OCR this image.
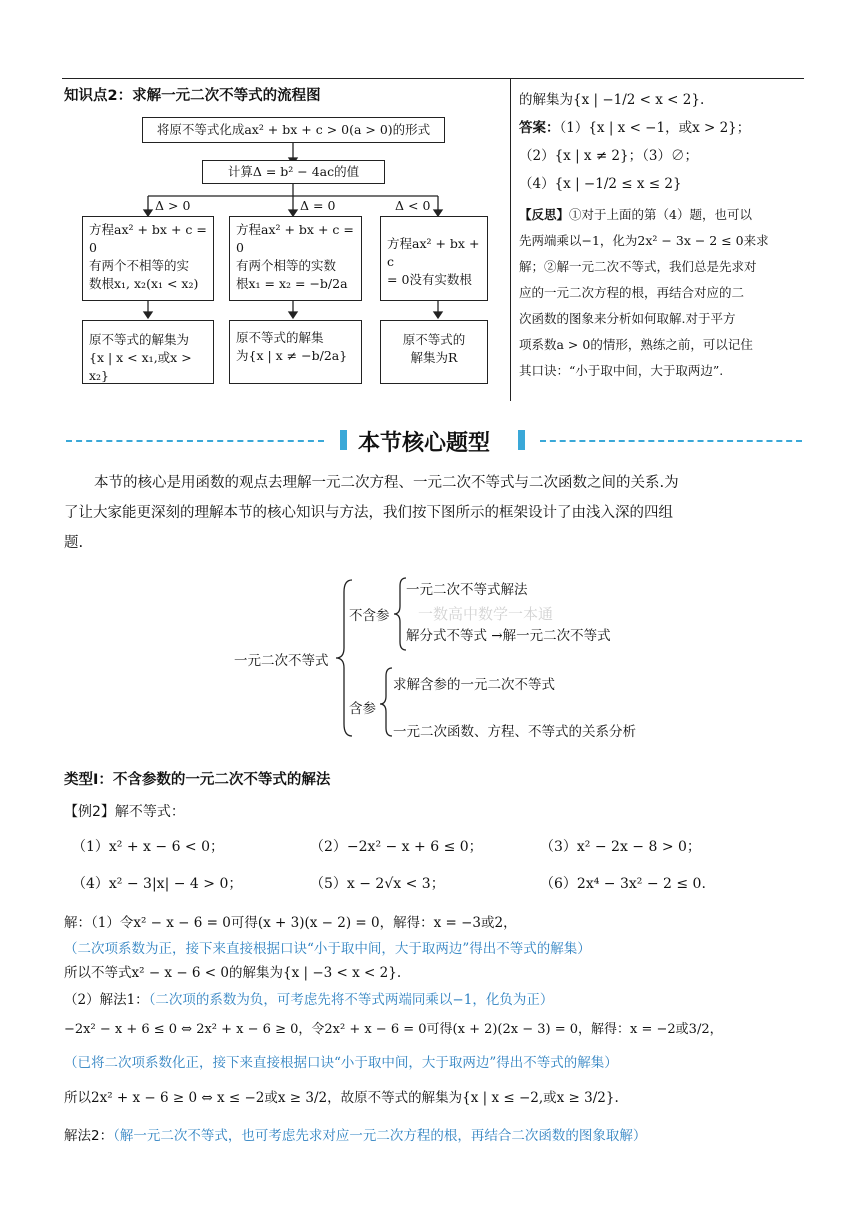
知识点2：求解一元二次不等式的流程图
将原不等式化成ax² + bx + c > 0(a > 0)的形式
计算Δ = b² − 4ac的值
Δ > 0	Δ = 0	Δ < 0
方程ax² + bx + c = 0
有两个不相等的实
数根x₁, x₂(x₁ < x₂)
方程ax² + bx + c = 0
有两个相等的实数
根x₁ = x₂ = −b/2a
方程ax² + bx + c
= 0没有实数根
原不等式的解集为
{x | x < x₁,或x > x₂}
原不等式的解集
为{x | x ≠ −b/2a}
原不等式的
解集为R
的解集为{x | −1/2 < x < 2}.
答案：（1）{x | x < −1，或x > 2}；
（2）{x | x ≠ 2}；（3）∅；
（4）{x | −1/2 ≤ x ≤ 2}
【反思】①对于上面的第（4）题，也可以
先两端乘以−1，化为2x² − 3x − 2 ≤ 0来求
解；②解一元二次不等式，我们总是先求对
应的一元二次方程的根，再结合对应的二
次函数的图象来分析如何取解.对于平方
项系数a > 0的情形，熟练之前，可以记住
其口诀：“小于取中间，大于取两边”.
本节核心题型
本节的核心是用函数的观点去理解一元二次方程、一元二次不等式与二次函数之间的关系.为
了让大家能更深刻的理解本节的核心知识与方法，我们按下图所示的框架设计了由浅入深的四组
题.
一元二次不等式
不含参
一元二次不等式解法
解分式不等式 →解一元二次不等式
含参
求解含参的一元二次不等式
一元二次函数、方程、不等式的关系分析
一数高中数学一本通
类型Ⅰ：不含参数的一元二次不等式的解法
【例2】解不等式：
（1）x² + x − 6 < 0；	（2）−2x² − x + 6 ≤ 0；	（3）x² − 2x − 8 > 0；
（4）x² − 3|x| − 4 > 0；	（5）x − 2√x < 3；	（6）2x⁴ − 3x² − 2 ≤ 0.
解：（1）令x² − x − 6 = 0可得(x + 3)(x − 2) = 0，解得：x = −3或2，
（二次项系数为正，接下来直接根据口诀“小于取中间，大于取两边”得出不等式的解集）
所以不等式x² − x − 6 < 0的解集为{x | −3 < x < 2}.
（2）解法1：（二次项的系数为负，可考虑先将不等式两端同乘以−1，化负为正）
−2x² − x + 6 ≤ 0 ⇔ 2x² + x − 6 ≥ 0，令2x² + x − 6 = 0可得(x + 2)(2x − 3) = 0，解得：x = −2或3/2，
（已将二次项系数化正，接下来直接根据口诀“小于取中间，大于取两边”得出不等式的解集）
所以2x² + x − 6 ≥ 0 ⇔ x ≤ −2或x ≥ 3/2，故原不等式的解集为{x | x ≤ −2,或x ≥ 3/2}.
解法2：（解一元二次不等式，也可考虑先求对应一元二次方程的根，再结合二次函数的图象取解）
